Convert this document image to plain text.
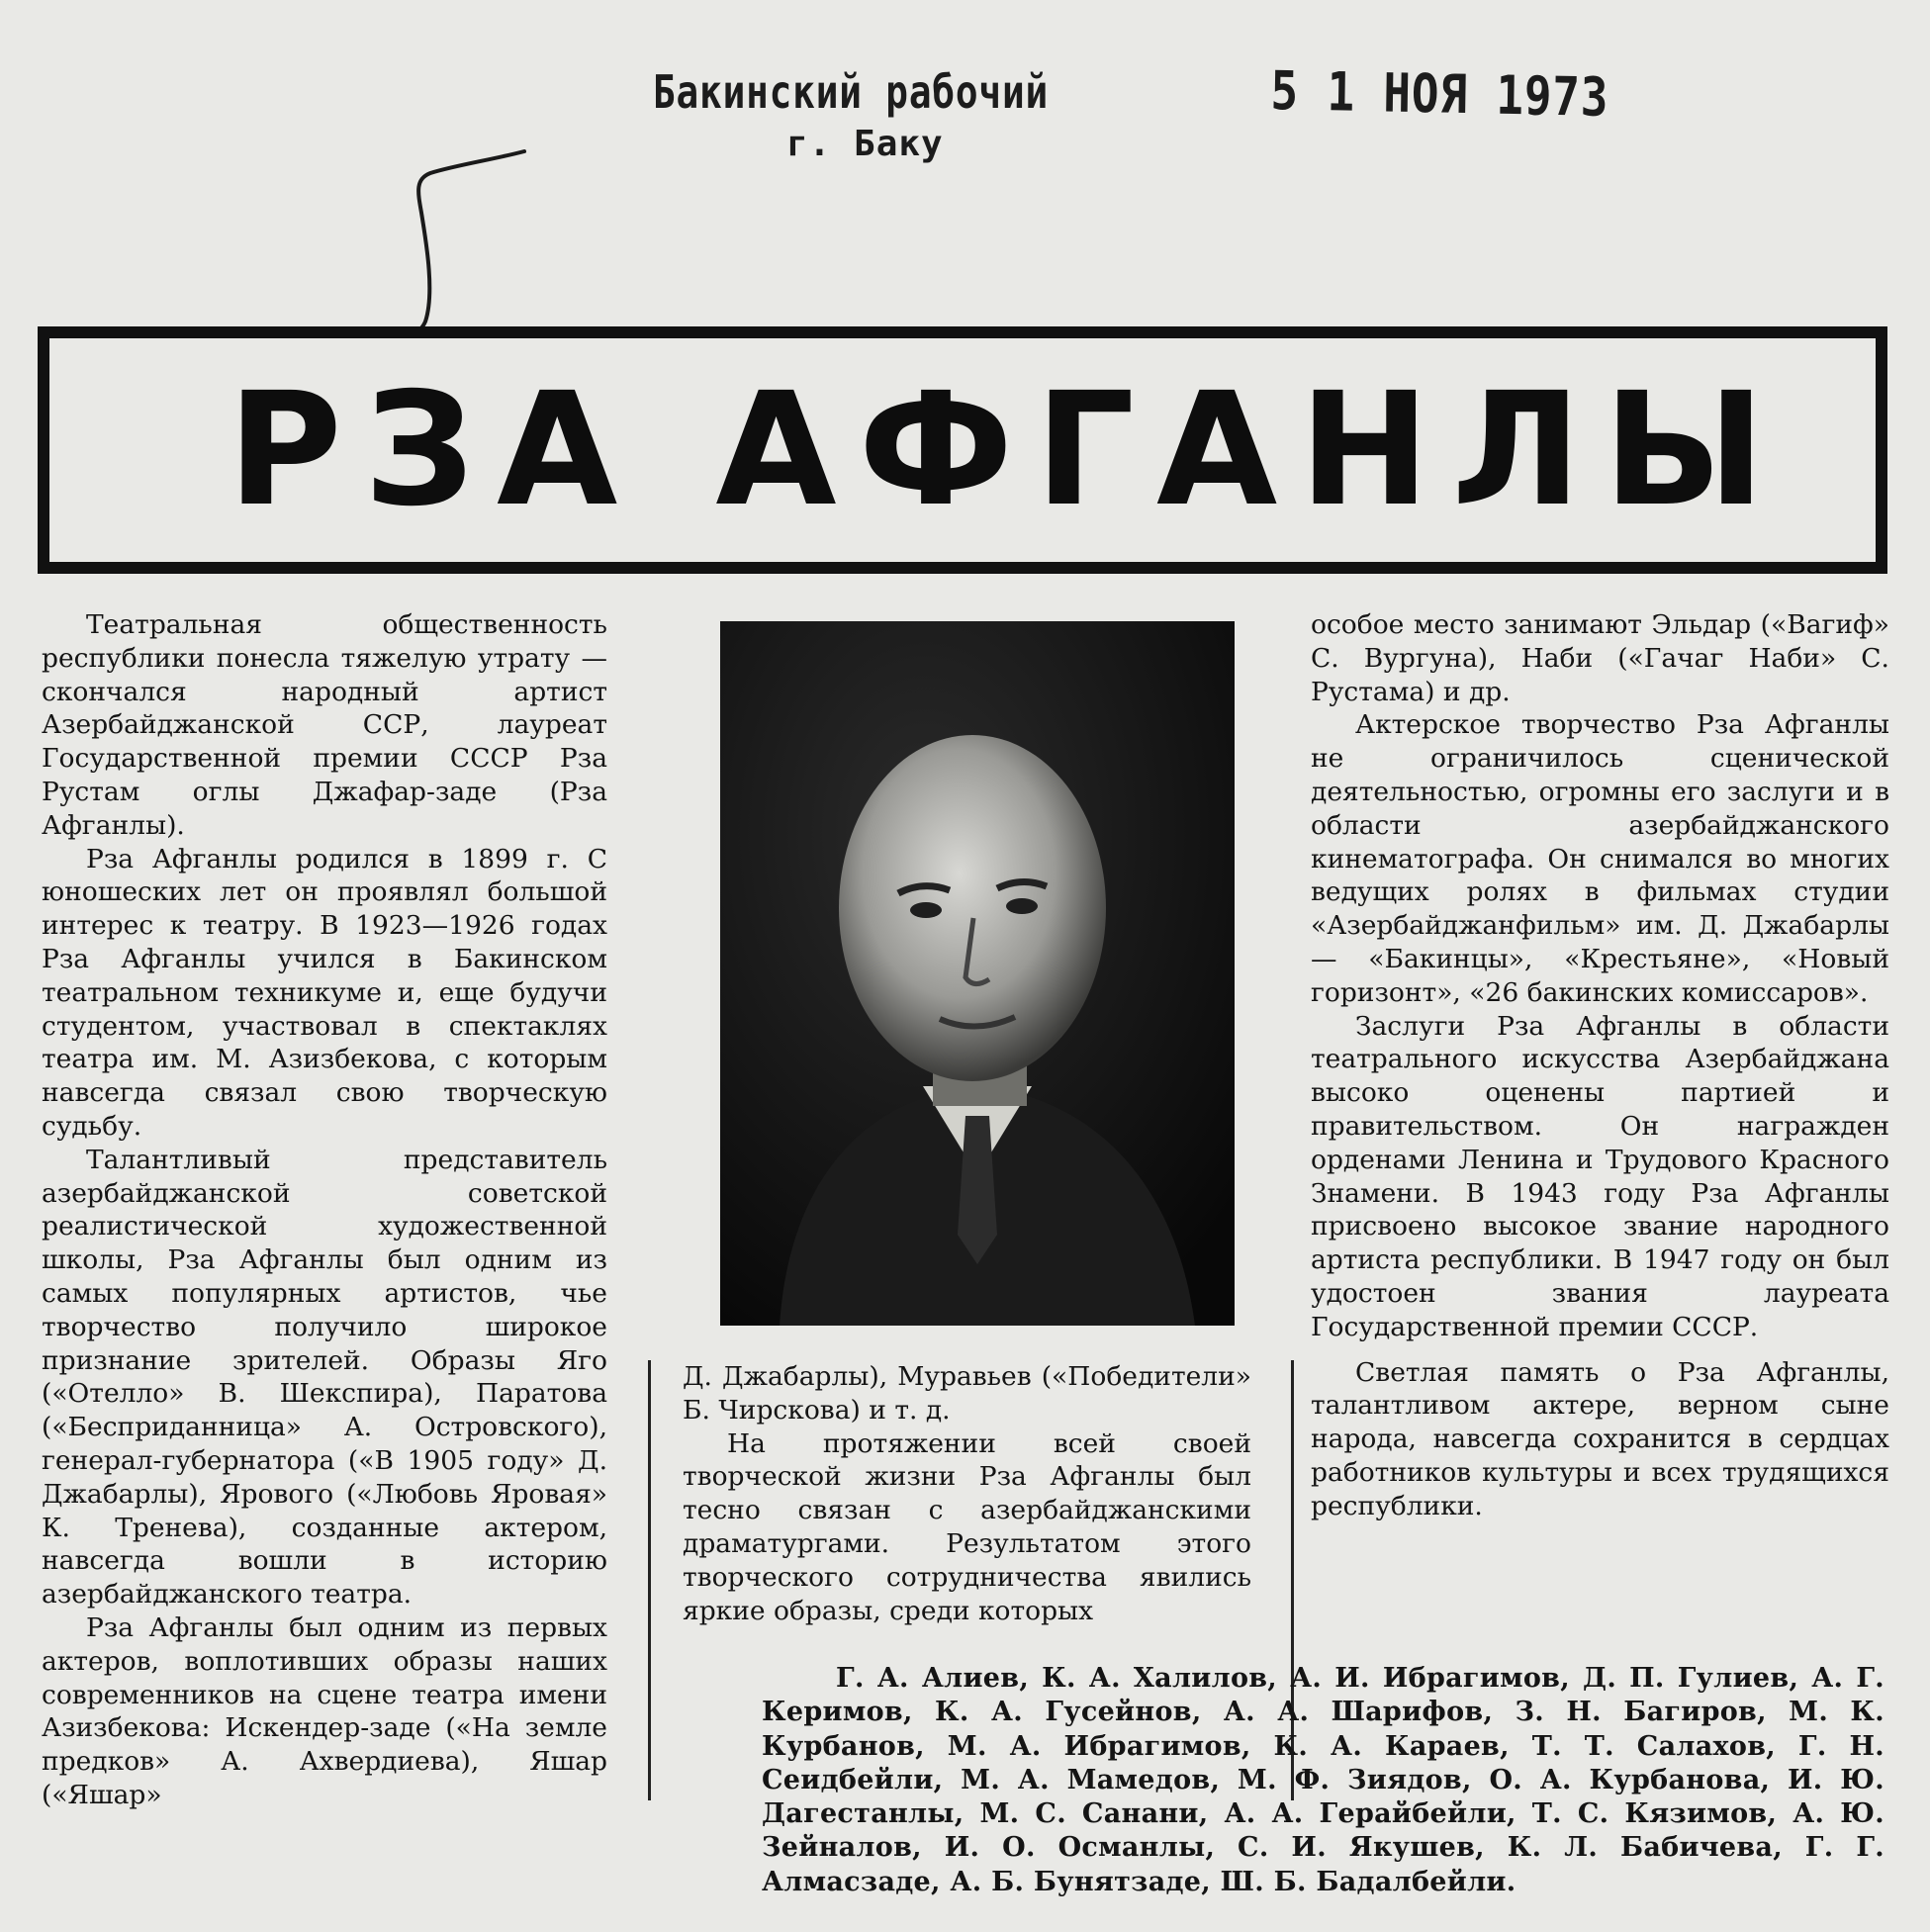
Бакинский рабочий
г. Баку
5 1 НОЯ 1973
РЗА АФГАНЛЫ

Театральная общественность республики понесла тяжелую утрату — скончался народный артист Азербайджанской ССР, лауреат Государственной премии СССР Рза Рустам оглы Джафар-заде (Рза Афганлы).

Рза Афганлы родился в 1899 г. С юношеских лет он проявлял большой интерес к театру. В 1923—1926 годах Рза Афганлы учился в Бакинском театральном техникуме и, еще будучи студентом, участвовал в спектаклях театра им. М. Азизбекова, с которым навсегда связал свою творческую судьбу.

Талантливый представитель азербайджанской советской реалистической художественной школы, Рза Афганлы был одним из самых популярных артистов, чье творчество получило широкое признание зрителей. Образы Яго («Отелло» В. Шекспира), Паратова («Бесприданница» А. Островского), генерал-губернатора («В 1905 году» Д. Джабарлы), Ярового («Любовь Яровая» К. Тренева), созданные актером, навсегда вошли в историю азербайджанского театра.

Рза Афганлы был одним из первых актеров, воплотивших образы наших современников на сцене театра имени Азизбекова: Искендер-заде («На земле предков» А. Ахвердиева), Яшар («Яшар»

Д. Джабарлы), Муравьев («Победители» Б. Чирскова) и т. д.

На протяжении всей своей творческой жизни Рза Афганлы был тесно связан с азербайджанскими драматургами. Результатом этого творческого сотрудничества явились яркие образы, среди которых

особое место занимают Эльдар («Вагиф» С. Вургуна), Наби («Гачаг Наби» С. Рустама) и др.

Актерское творчество Рза Афганлы не ограничилось сценической деятельностью, огромны его заслуги и в области азербайджанского кинематографа. Он снимался во многих ведущих ролях в фильмах студии «Азербайджанфильм» им. Д. Джабарлы — «Бакинцы», «Крестьяне», «Новый горизонт», «26 бакинских комиссаров».

Заслуги Рза Афганлы в области театрального искусства Азербайджана высоко оценены партией и правительством. Он награжден орденами Ленина и Трудового Красного Знамени. В 1943 году Рза Афганлы присвоено высокое звание народного артиста республики. В 1947 году он был удостоен звания лауреата Государственной премии СССР.

Светлая память о Рза Афганлы, талантливом актере, верном сыне народа, навсегда сохранится в сердцах работников культуры и всех трудящихся республики.

Г. А. Алиев, К. А. Халилов, А. И. Ибрагимов, Д. П. Гулиев, А. Г. Керимов, К. А. Гусейнов, А. А. Шарифов, З. Н. Багиров, М. К. Курбанов, М. А. Ибрагимов, К. А. Караев, Т. Т. Салахов, Г. Н. Сеидбейли, М. А. Мамедов, М. Ф. Зиядов, О. А. Курбанова, И. Ю. Дагестанлы, М. С. Санани, А. А. Герайбейли, Т. С. Кязимов, А. Ю. Зейналов, И. О. Османлы, С. И. Якушев, К. Л. Бабичева, Г. Г. Алмасзаде, А. Б. Бунятзаде, Ш. Б. Бадалбейли.
